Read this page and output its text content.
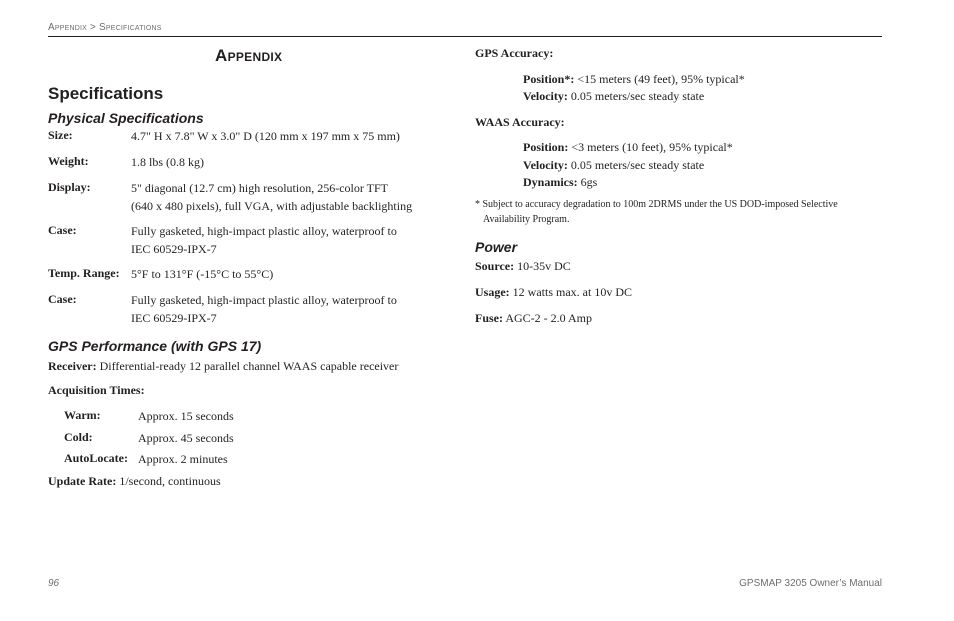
Appendix > Specifications
Appendix
Specifications
Physical Specifications
Size:	4.7" H x 7.8" W x 3.0" D (120 mm x 197 mm x 75 mm)
Weight:	1.8 lbs (0.8 kg)
Display:	5" diagonal (12.7 cm) high resolution, 256-color TFT
(640 x 480 pixels), full VGA, with adjustable backlighting
Case:	Fully gasketed, high-impact plastic alloy, waterproof to
IEC 60529-IPX-7
Temp. Range: 5°F to 131°F (-15°C to 55°C)
Case:	Fully gasketed, high-impact plastic alloy, waterproof to
IEC 60529-IPX-7
GPS Performance (with GPS 17)
Receiver: Differential-ready 12 parallel channel WAAS capable receiver
Acquisition Times:
Warm:	Approx. 15 seconds
Cold:	Approx. 45 seconds
AutoLocate: Approx. 2 minutes
Update Rate: 1/second, continuous
GPS Accuracy:
Position*: <15 meters (49 feet), 95% typical*
Velocity: 0.05 meters/sec steady state
WAAS Accuracy:
Position: <3 meters (10 feet), 95% typical*
Velocity: 0.05 meters/sec steady state
Dynamics: 6gs
* Subject to accuracy degradation to 100m 2DRMS under the US DOD-imposed Selective
Availability Program.
Power
Source: 10-35v DC
Usage: 12 watts max. at 10v DC
Fuse: AGC-2 - 2.0 Amp
96	GPSMAP 3205 Owner’s Manual
